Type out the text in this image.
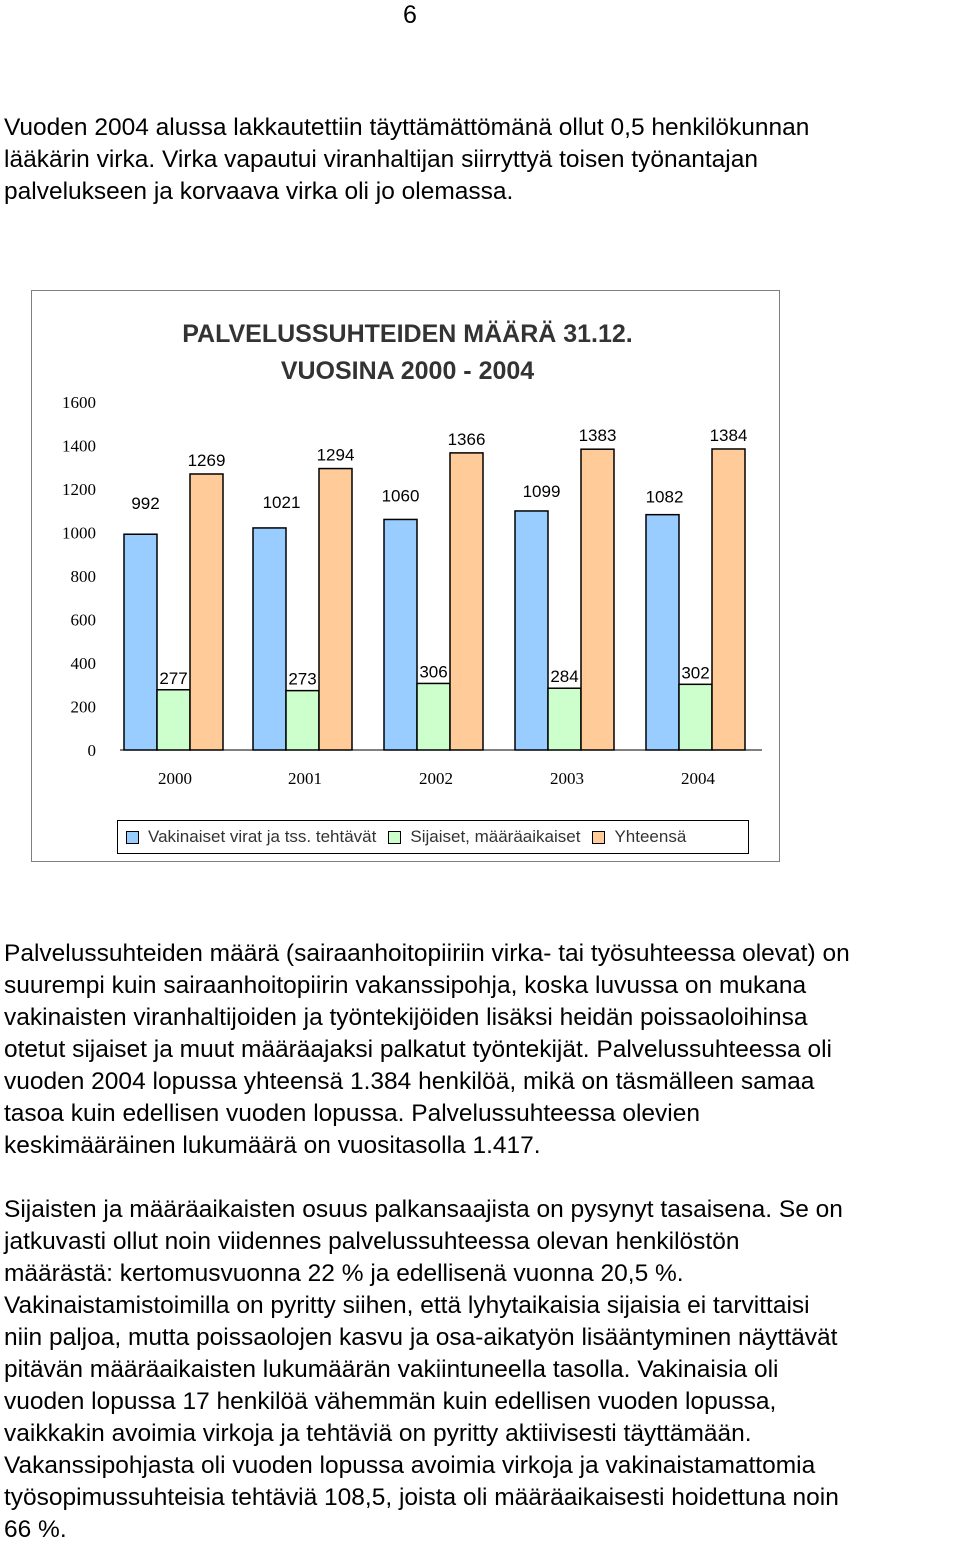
6
Vuoden 2004 alussa lakkautettiin täyttämättömänä ollut 0,5 henkilökunnan
lääkärin virka. Virka vapautui viranhaltijan siirryttyä toisen työnantajan
palvelukseen ja korvaava virka oli jo olemassa.
PALVELUSSUHTEIDEN MÄÄRÄ 31.12.
VUOSINA 2000 - 2004
0
200
400
600
800
1000
1200
1400
1600
992	1021	1060	1099	1082
277	273	306	284	302
1269	1294
1366	1383	1384
2000	2001	2002	2003	2004
Vakinaiset virat ja tss. tehtävät Sijaiset, määräaikaiset Yhteensä
Palvelussuhteiden määrä (sairaanhoitopiiriin virka- tai työsuhteessa olevat) on
suurempi kuin sairaanhoitopiirin vakanssipohja, koska luvussa on mukana
vakinaisten viranhaltijoiden ja työntekijöiden lisäksi heidän poissaoloihinsa
otetut sijaiset ja muut määräajaksi palkatut työntekijät. Palvelussuhteessa oli
vuoden 2004 lopussa yhteensä 1.384 henkilöä, mikä on täsmälleen samaa
tasoa kuin edellisen vuoden lopussa. Palvelussuhteessa olevien
keskimääräinen lukumäärä on vuositasolla 1.417.
Sijaisten ja määräaikaisten osuus palkansaajista on pysynyt tasaisena. Se on
jatkuvasti ollut noin viidennes palvelussuhteessa olevan henkilöstön
määrästä: kertomusvuonna 22 % ja edellisenä vuonna 20,5 %.
Vakinaistamistoimilla on pyritty siihen, että lyhytaikaisia sijaisia ei tarvittaisi
niin paljoa, mutta poissaolojen kasvu ja osa-aikatyön lisääntyminen näyttävät
pitävän määräaikaisten lukumäärän vakiintuneella tasolla. Vakinaisia oli
vuoden lopussa 17 henkilöä vähemmän kuin edellisen vuoden lopussa,
vaikkakin avoimia virkoja ja tehtäviä on pyritty aktiivisesti täyttämään.
Vakanssipohjasta oli vuoden lopussa avoimia virkoja ja vakinaistamattomia
työsopimussuhteisia tehtäviä 108,5, joista oli määräaikaisesti hoidettuna noin
66 %.
